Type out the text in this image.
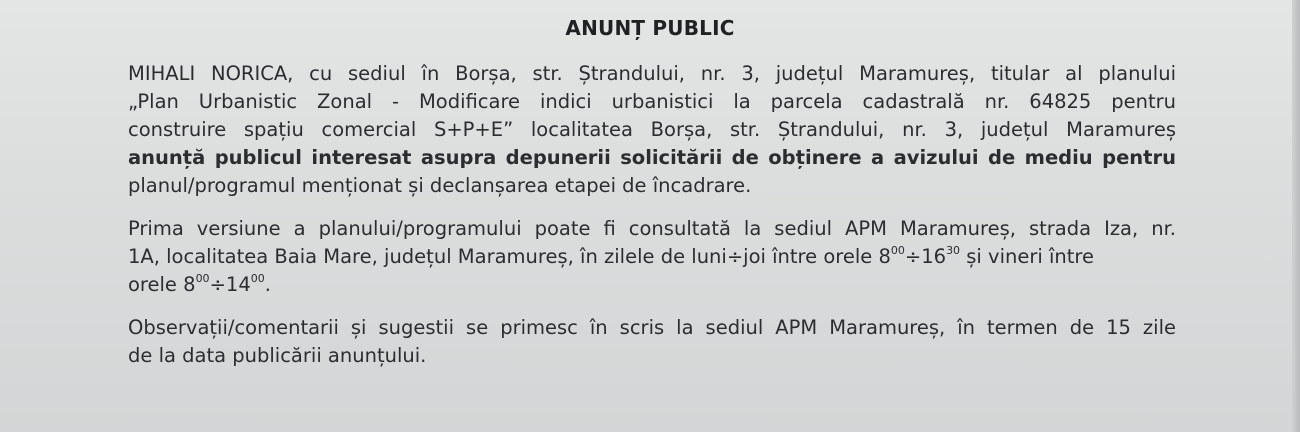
ANUNȚ PUBLIC
MIHALI NORICA, cu sediul în Borșa, str. Ștrandului, nr. 3, județul Maramureș, titular al planului
„Plan Urbanistic Zonal - Modificare indici urbanistici la parcela cadastrală nr. 64825 pentru
construire spațiu comercial S+P+E” localitatea Borșa, str. Ștrandului, nr. 3, județul Maramureș
anunță publicul interesat asupra depunerii solicitării de obținere a avizului de mediu pentru
planul/programul menționat și declanșarea etapei de încadrare.
Prima versiune a planului/programului poate fi consultată la sediul APM Maramureș, strada Iza, nr.
1A, localitatea Baia Mare, județul Maramureș, în zilele de luni÷joi între orele $8^{00}\div 16^{30}$ și vineri între
orele $8^{00}\div 14^{00}$.
Observații/comentarii și sugestii se primesc în scris la sediul APM Maramureș, în termen de 15 zile
de la data publicării anunțului.
